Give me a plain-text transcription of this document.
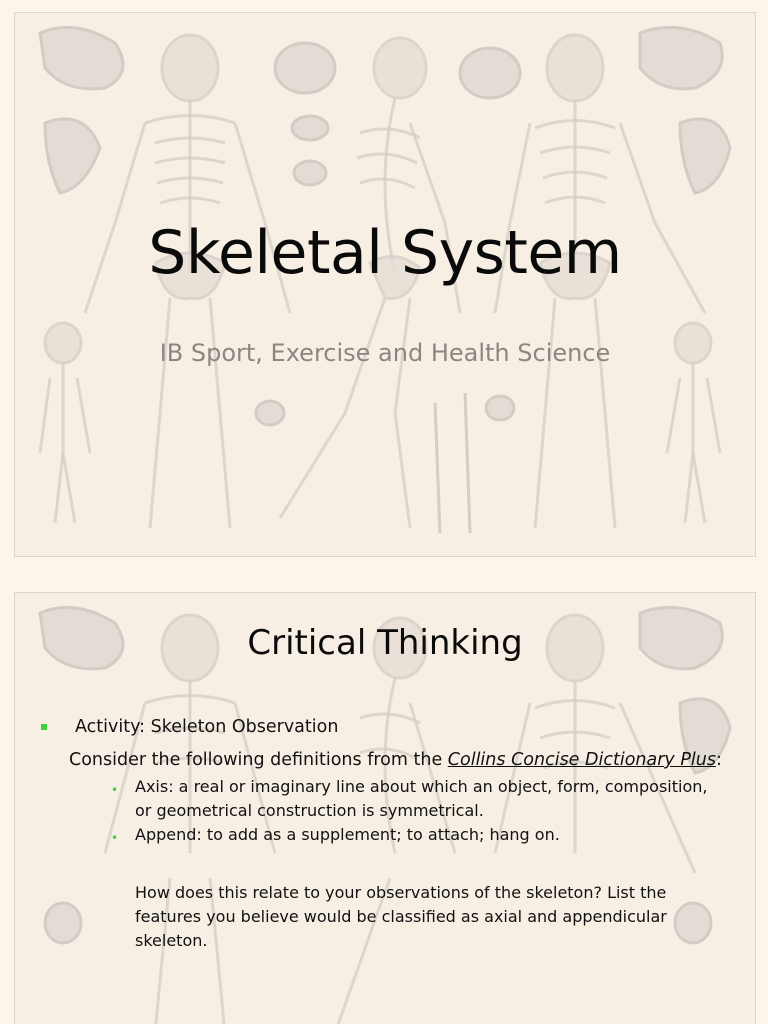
Skeletal System
IB Sport, Exercise and Health Science
Critical Thinking
Activity: Skeleton Observation
Consider the following definitions from the Collins Concise Dictionary Plus:
• Axis: a real or imaginary line about which an object, form, composition, or geometrical construction is symmetrical.
• Append: to add as a supplement; to attach; hang on.
How does this relate to your observations of the skeleton? List the features you believe would be classified as axial and appendicular skeleton.
